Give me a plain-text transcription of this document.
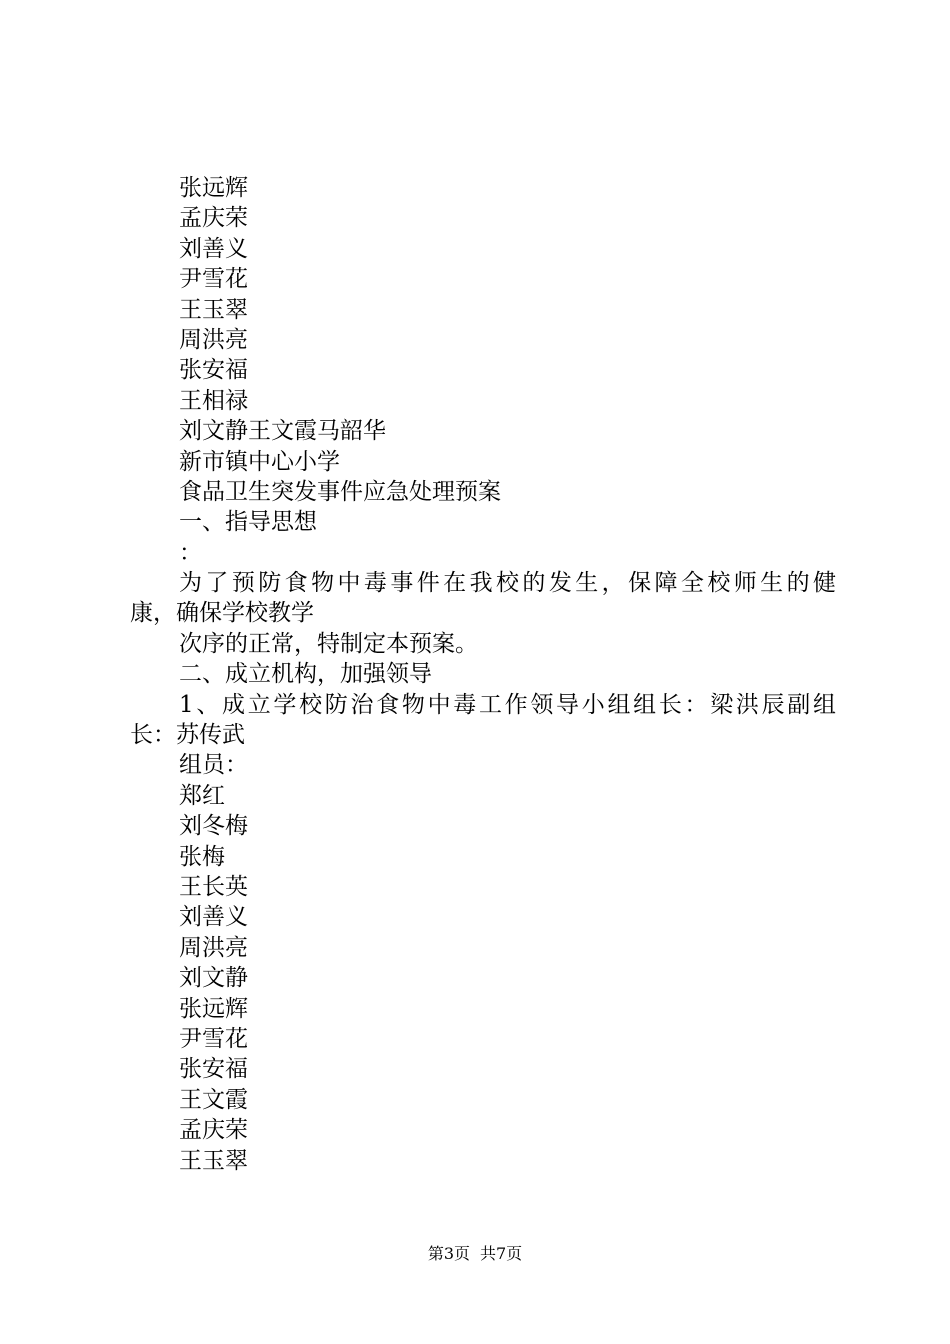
张远辉
孟庆荣
刘善义
尹雪花
王玉翠
周洪亮
张安福
王相禄
刘文静王文霞马韶华
新市镇中心小学
食品卫生突发事件应急处理预案
一、指导思想
：
为了预防食物中毒事件在我校的发生，保障全校师生的健
康，确保学校教学
次序的正常，特制定本预案。
二、成立机构，加强领导
1、成立学校防治食物中毒工作领导小组组长：梁洪辰副组
长：苏传武
组员：
郑红
刘冬梅
张梅
王长英
刘善义
周洪亮
刘文静
张远辉
尹雪花
张安福
王文霞
孟庆荣
王玉翠
第3页 共7页
